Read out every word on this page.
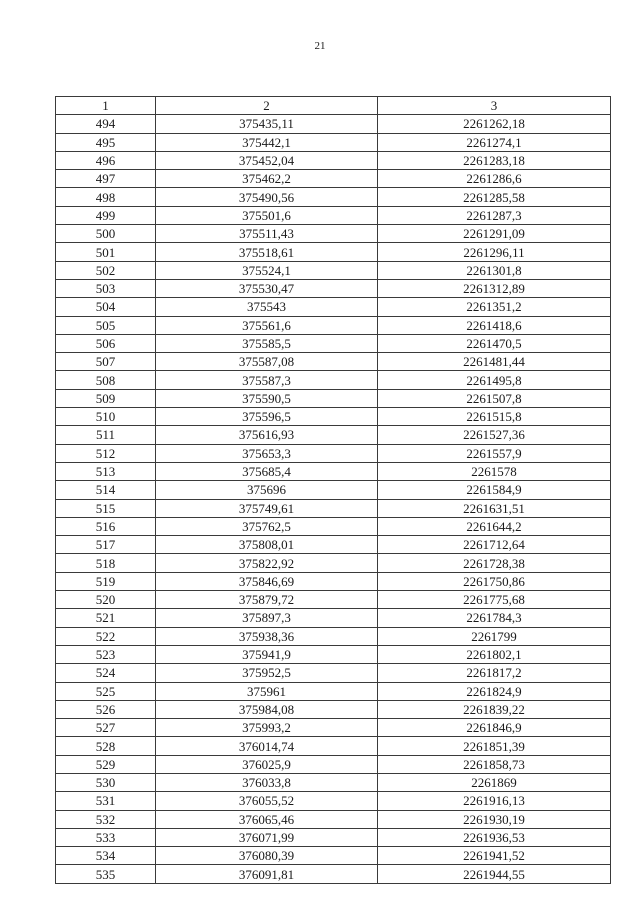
21
1	2	3
494	375435,11	2261262,18
495	375442,1	2261274,1
496	375452,04	2261283,18
497	375462,2	2261286,6
498	375490,56	2261285,58
499	375501,6	2261287,3
500	375511,43	2261291,09
501	375518,61	2261296,11
502	375524,1	2261301,8
503	375530,47	2261312,89
504	375543	2261351,2
505	375561,6	2261418,6
506	375585,5	2261470,5
507	375587,08	2261481,44
508	375587,3	2261495,8
509	375590,5	2261507,8
510	375596,5	2261515,8
511	375616,93	2261527,36
512	375653,3	2261557,9
513	375685,4	2261578
514	375696	2261584,9
515	375749,61	2261631,51
516	375762,5	2261644,2
517	375808,01	2261712,64
518	375822,92	2261728,38
519	375846,69	2261750,86
520	375879,72	2261775,68
521	375897,3	2261784,3
522	375938,36	2261799
523	375941,9	2261802,1
524	375952,5	2261817,2
525	375961	2261824,9
526	375984,08	2261839,22
527	375993,2	2261846,9
528	376014,74	2261851,39
529	376025,9	2261858,73
530	376033,8	2261869
531	376055,52	2261916,13
532	376065,46	2261930,19
533	376071,99	2261936,53
534	376080,39	2261941,52
535	376091,81	2261944,55
